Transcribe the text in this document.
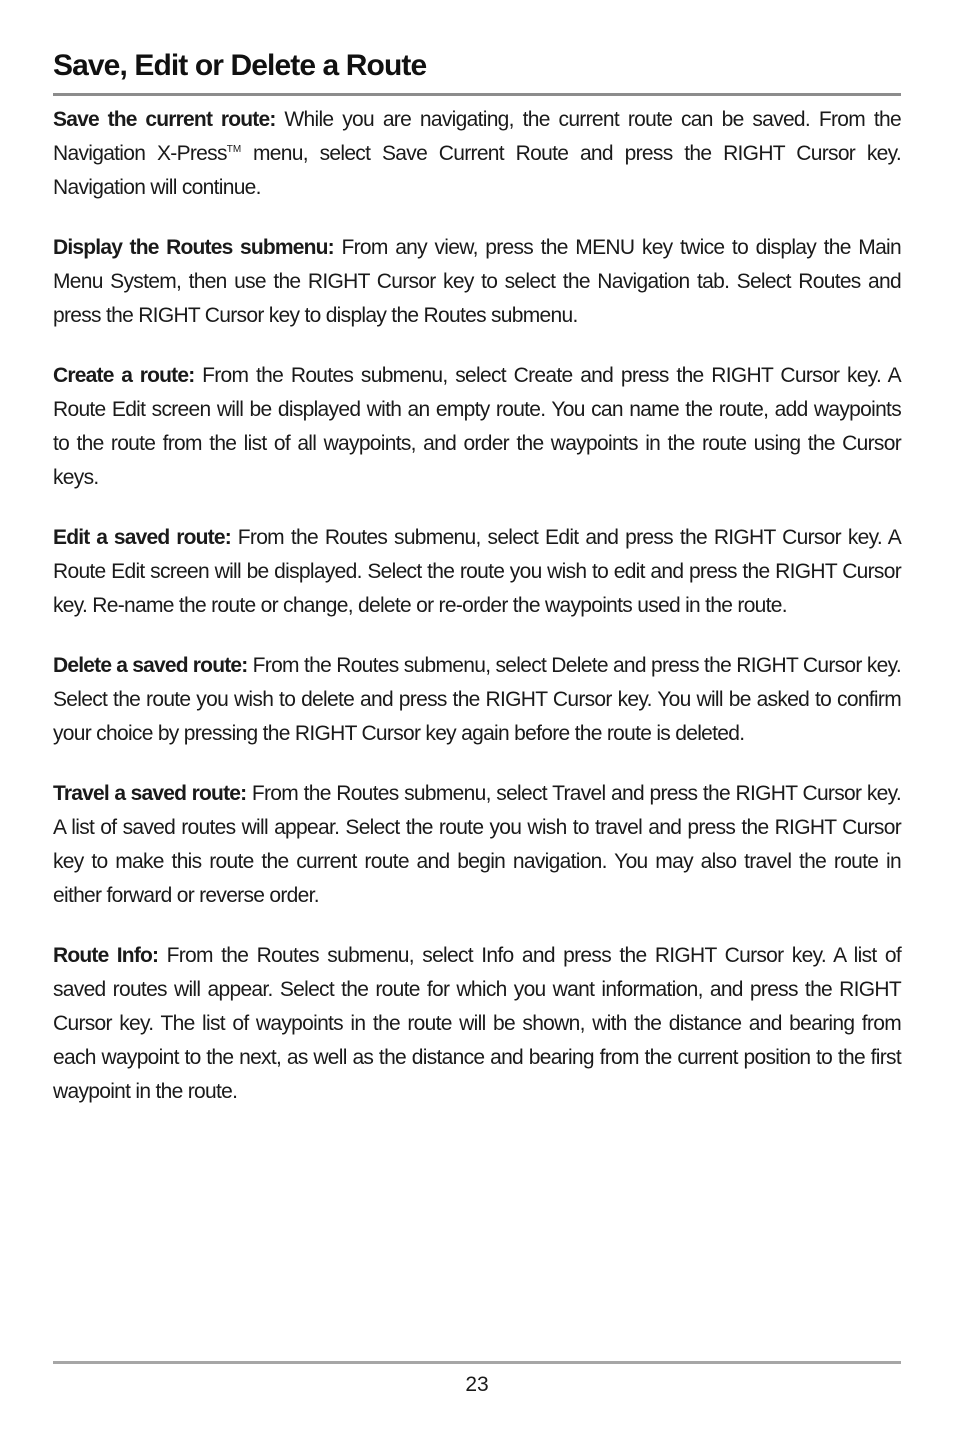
Save, Edit or Delete a Route

Save the current route: While you are navigating, the current route can be saved. From the Navigation X-Press™ menu, select Save Current Route and press the RIGHT Cursor key. Navigation will continue.

Display the Routes submenu: From any view, press the MENU key twice to display the Main Menu System, then use the RIGHT Cursor key to select the Navigation tab. Select Routes and press the RIGHT Cursor key to display the Routes submenu.

Create a route: From the Routes submenu, select Create and press the RIGHT Cursor key. A Route Edit screen will be displayed with an empty route. You can name the route, add waypoints to the route from the list of all waypoints, and order the waypoints in the route using the Cursor keys.

Edit a saved route: From the Routes submenu, select Edit and press the RIGHT Cursor key. A Route Edit screen will be displayed. Select the route you wish to edit and press the RIGHT Cursor key. Re-name the route or change, delete or re-order the waypoints used in the route.

Delete a saved route: From the Routes submenu, select Delete and press the RIGHT Cursor key. Select the route you wish to delete and press the RIGHT Cursor key. You will be asked to confirm your choice by pressing the RIGHT Cursor key again before the route is deleted.

Travel a saved route: From the Routes submenu, select Travel and press the RIGHT Cursor key. A list of saved routes will appear. Select the route you wish to travel and press the RIGHT Cursor key to make this route the current route and begin navigation. You may also travel the route in either forward or reverse order.

Route Info: From the Routes submenu, select Info and press the RIGHT Cursor key. A list of saved routes will appear. Select the route for which you want information, and press the RIGHT Cursor key. The list of waypoints in the route will be shown, with the distance and bearing from each waypoint to the next, as well as the distance and bearing from the current position to the first waypoint in the route.

23
